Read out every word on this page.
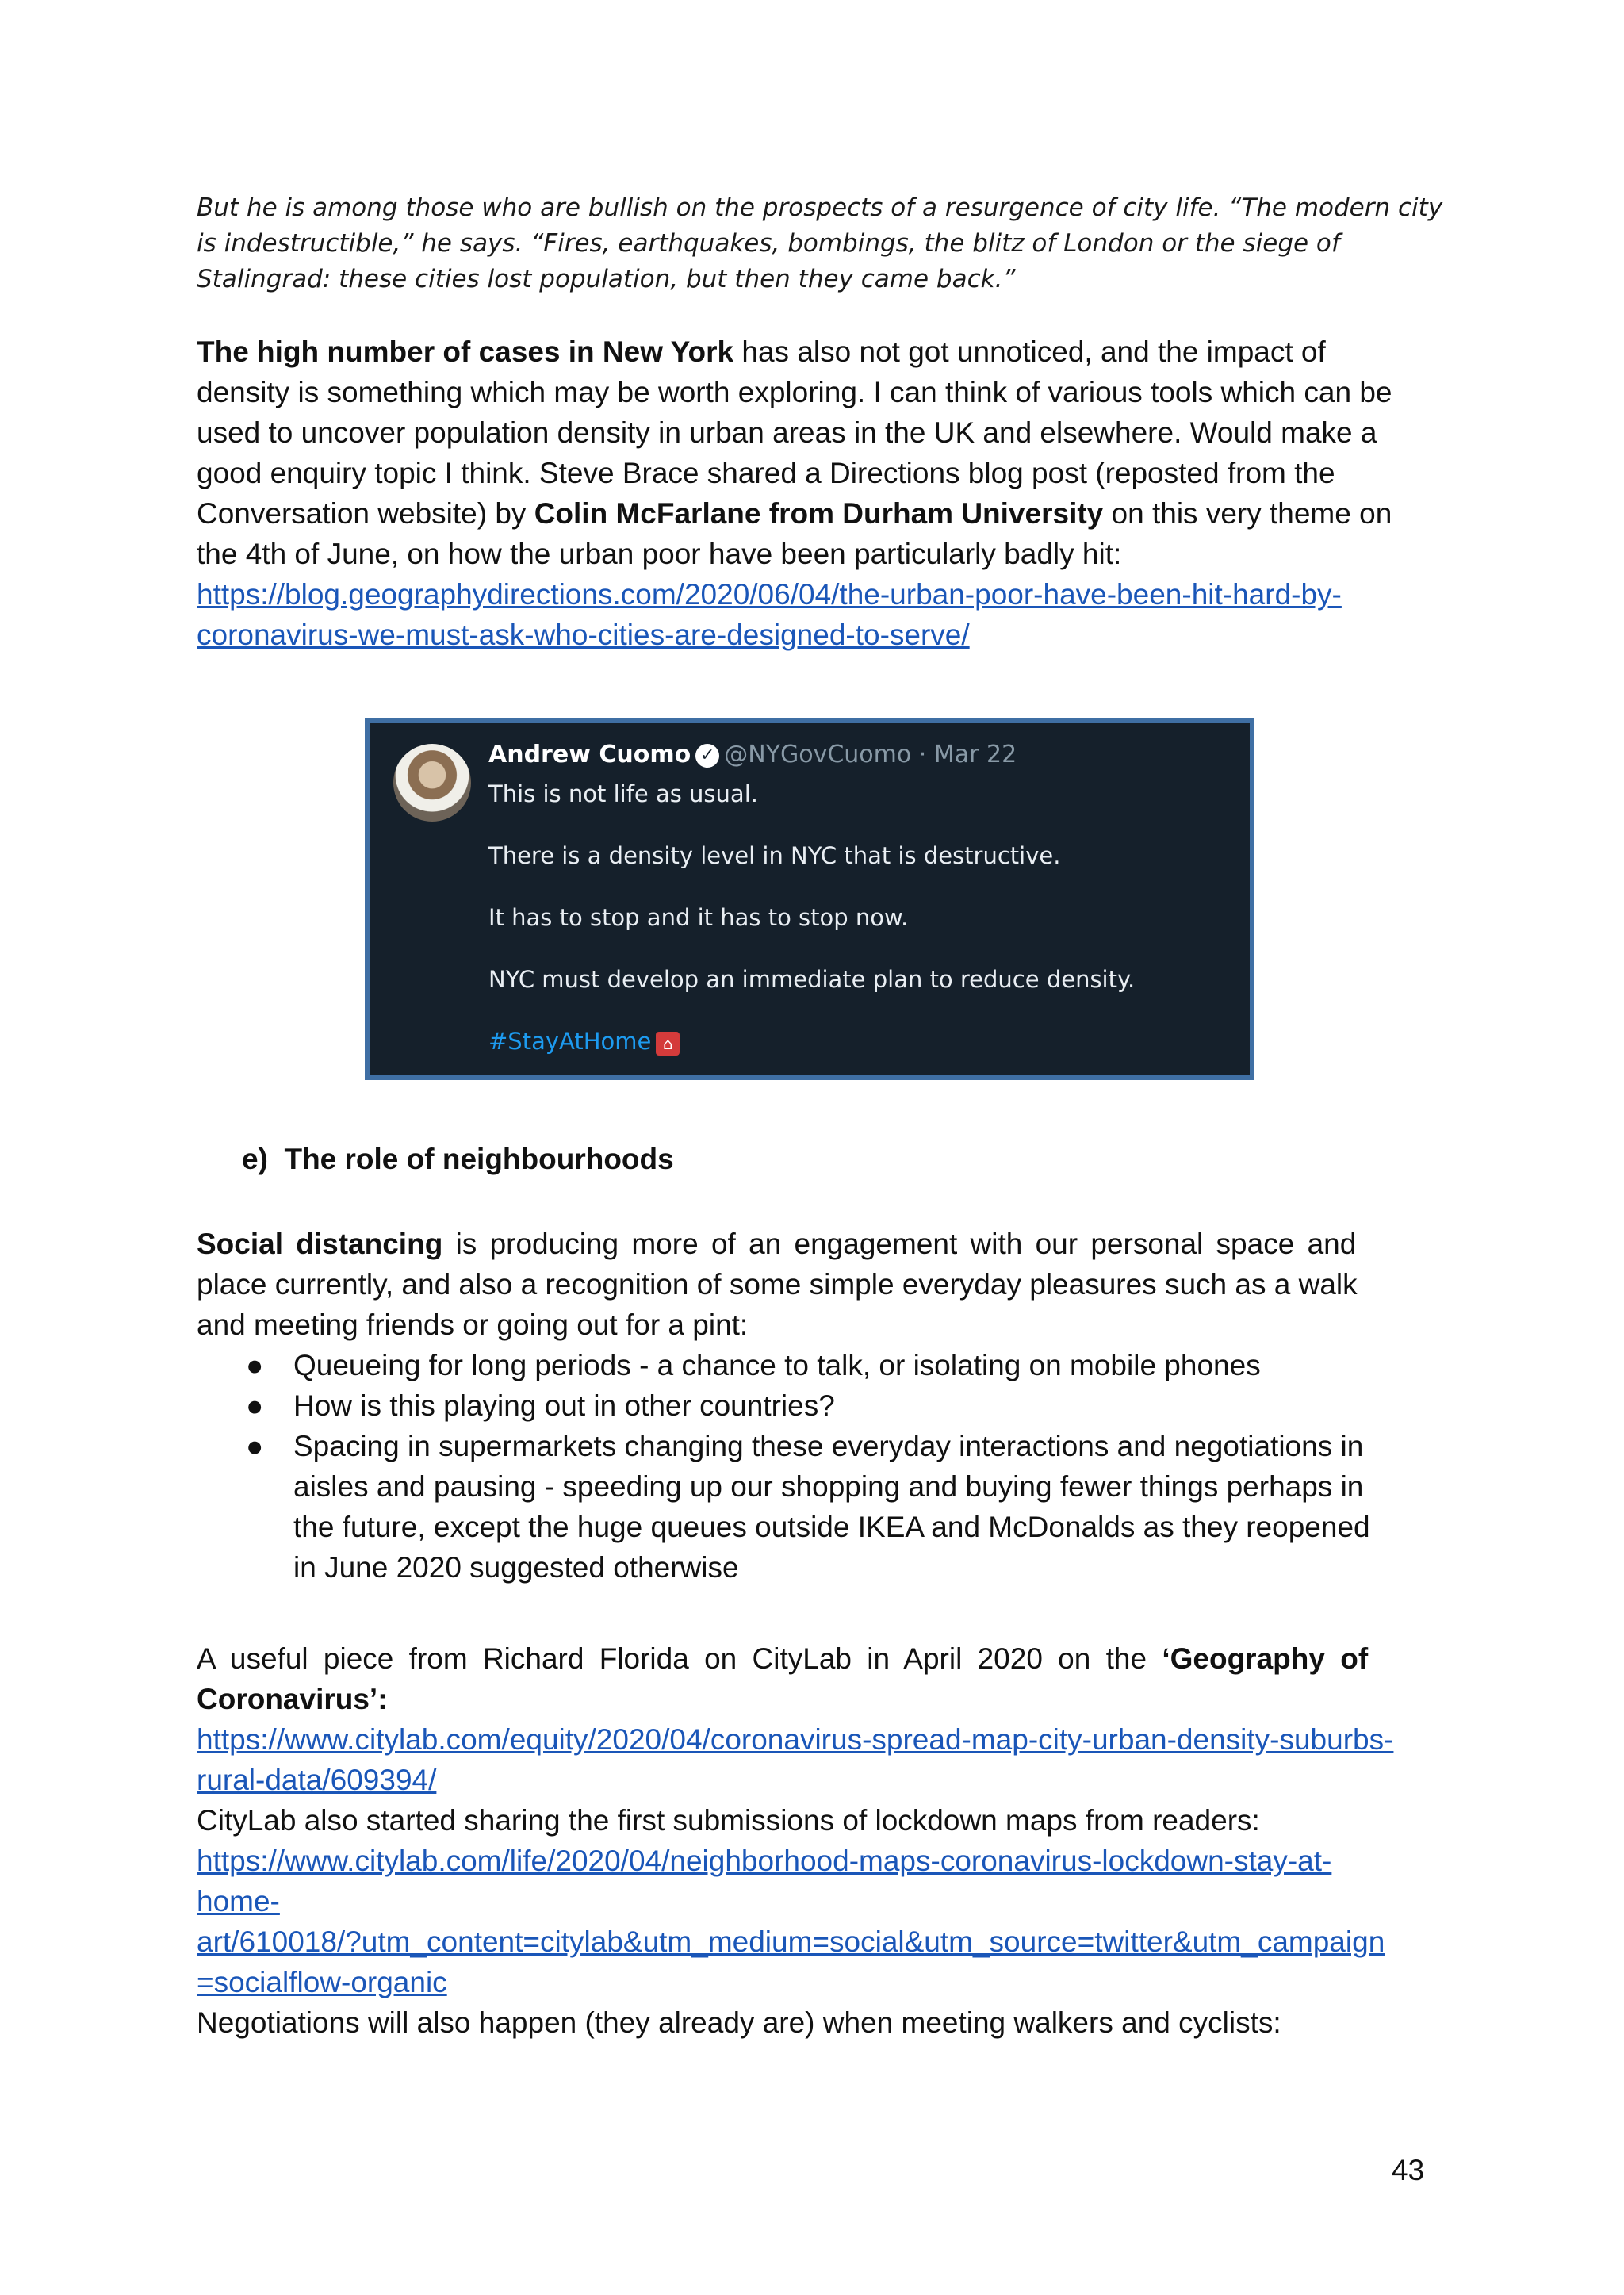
But he is among those who are bullish on the prospects of a resurgence of city life. “The modern city
is indestructible,” he says. “Fires, earthquakes, bombings, the blitz of London or the siege of
Stalingrad: these cities lost population, but then they came back.”
The high number of cases in New York has also not got unnoticed, and the impact of
density is something which may be worth exploring. I can think of various tools which can be
used to uncover population density in urban areas in the UK and elsewhere. Would make a
good enquiry topic I think. Steve Brace shared a Directions blog post (reposted from the
Conversation website) by Colin McFarlane from Durham University on this very theme on
the 4th of June, on how the urban poor have been particularly badly hit:
https://blog.geographydirections.com/2020/06/04/the-urban-poor-have-been-hit-hard-by-
coronavirus-we-must-ask-who-cities-are-designed-to-serve/
Andrew Cuomo ✓ @NYGovCuomo · Mar 22
This is not life as usual.
There is a density level in NYC that is destructive.
It has to stop and it has to stop now.
NYC must develop an immediate plan to reduce density.
#StayAtHome ⌂
e) The role of neighbourhoods
Social distancing is producing more of an engagement with our personal space and
place currently, and also a recognition of some simple everyday pleasures such as a walk
and meeting friends or going out for a pint:
● Queueing for long periods - a chance to talk, or isolating on mobile phones
● How is this playing out in other countries?
● Spacing in supermarkets changing these everyday interactions and negotiations in
aisles and pausing - speeding up our shopping and buying fewer things perhaps in
the future, except the huge queues outside IKEA and McDonalds as they reopened
in June 2020 suggested otherwise
A useful piece from Richard Florida on CityLab in April 2020 on the ‘Geography of
Coronavirus’:
https://www.citylab.com/equity/2020/04/coronavirus-spread-map-city-urban-density-suburbs-
rural-data/609394/
CityLab also started sharing the first submissions of lockdown maps from readers:
https://www.citylab.com/life/2020/04/neighborhood-maps-coronavirus-lockdown-stay-at-
home-
art/610018/?utm_content=citylab&utm_medium=social&utm_source=twitter&utm_campaign
=socialflow-organic
Negotiations will also happen (they already are) when meeting walkers and cyclists:
43
